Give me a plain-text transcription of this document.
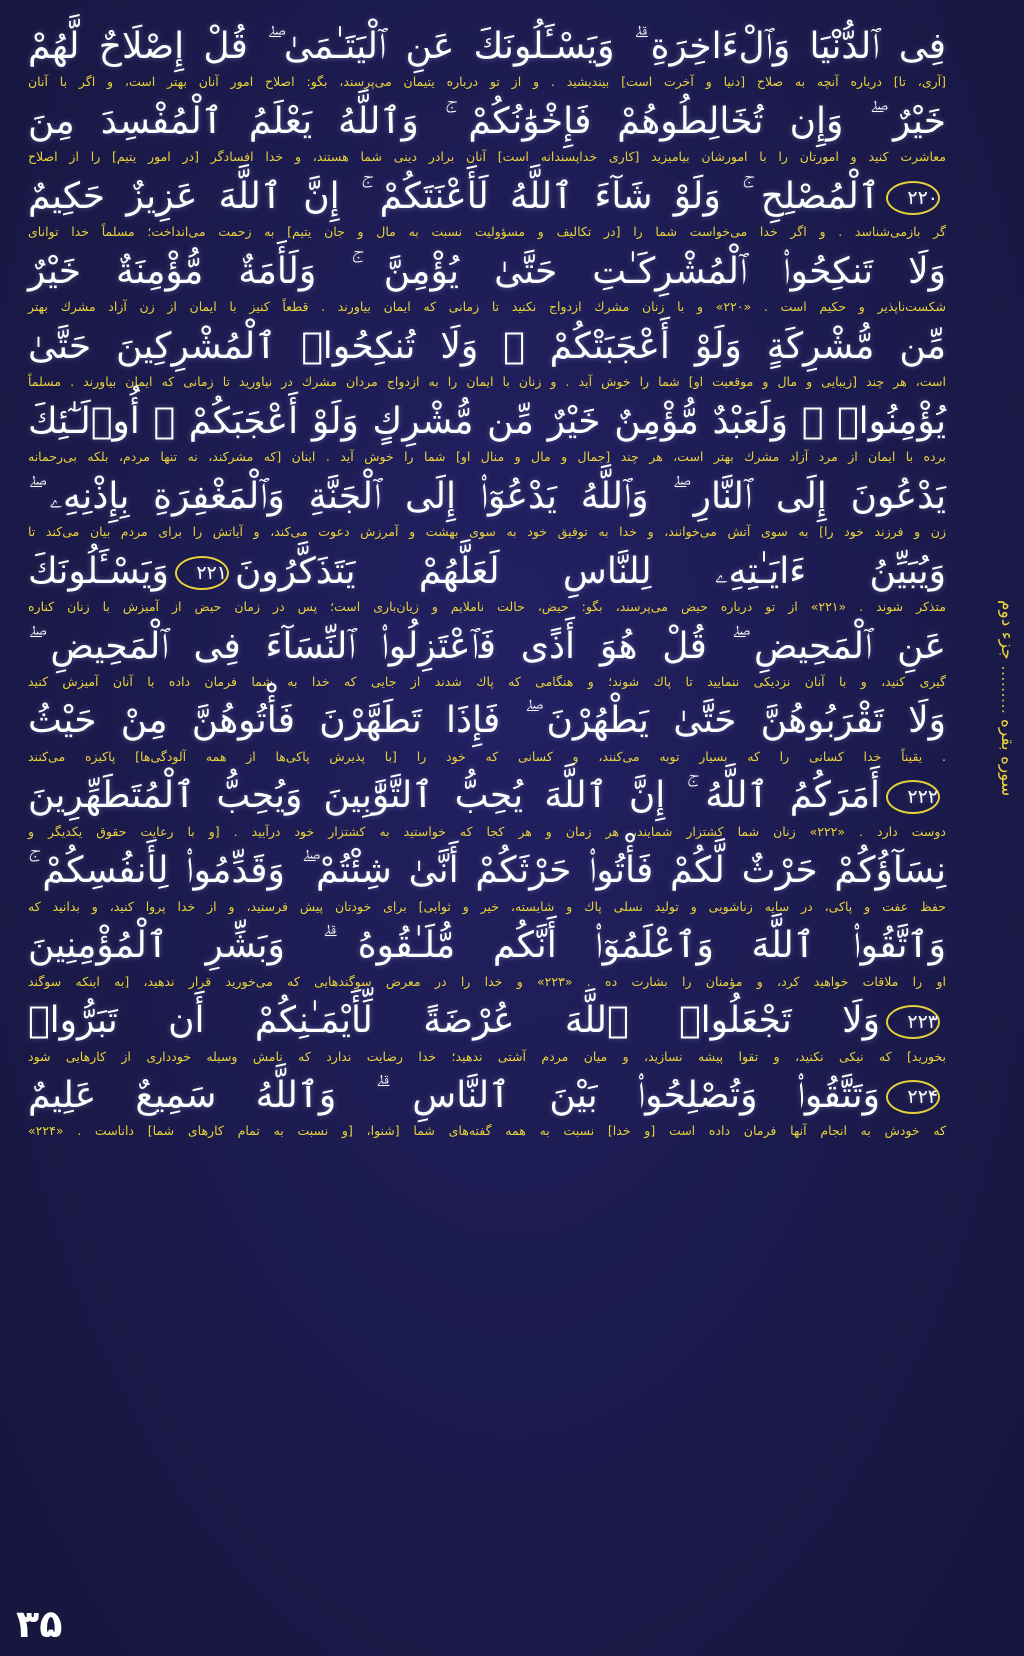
فِى ٱلدُّنْيَا وَٱلْءَاخِرَةِ ۗ وَيَسْـَٔلُونَكَ عَنِ ٱلْيَتَـٰمَىٰ ۖ قُلْ إِصْلَاحٌ لَّهُمْ
[آرى، تا] درباره آنچه به صلاح [دنيا و آخرت است] بينديشيد . و از تو درباره يتيمان مى‌پرسند، بگو: اصلاح امور آنان بهتر است، و اگر با آنان
خَيْرٌ ۖ وَإِن تُخَالِطُوهُمْ فَإِخْوَٰنُكُمْ ۚ وَٱللَّهُ يَعْلَمُ ٱلْمُفْسِدَ مِنَ
معاشرت كنيد و امورتان را با امورشان بياميزيد [كارى خداپسندانه است] آنان برادر دينى شما هستند، و خدا افسادگر [در امور يتيم] را از اصلاح
۲۲۰ٱلْمُصْلِحِ ۚ وَلَوْ شَآءَ ٱللَّهُ لَأَعْنَتَكُمْ ۚ إِنَّ ٱللَّهَ عَزِيزٌ حَكِيمٌ
گر بازمى‌شناسد . و اگر خدا مى‌خواست شما را [در تكاليف و مسؤوليت نسبت به مال و جان يتيم] به زحمت مى‌انداخت؛ مسلماً خدا توانا‌ى
وَلَا تَنكِحُوا۟ ٱلْمُشْرِكَـٰتِ حَتَّىٰ يُؤْمِنَّ ۚ وَلَأَمَةٌ مُّؤْمِنَةٌ خَيْرٌ
شكست‌ناپذير و حكيم است . «۲۲۰» و با زنان مشرك ازدواج نكنيد تا زمانى كه ايمان بياورند . قطعاً كنيز با ايمان از زن آزاد مشرك بهتر
مِّن مُّشْرِكَةٍ وَلَوْ أَعْجَبَتْكُمْ ۗ وَلَا تُنكِحُوا۟ ٱلْمُشْرِكِينَ حَتَّىٰ
است، هر چند [زيبايى و مال و موقعيت او] شما را خوش آيد . و زنان با ايمان را به ازدواج مردان مشرك در نياوريد تا زمانى كه ايمان بياورند . مسلماً
يُؤْمِنُوا۟ ۚ وَلَعَبْدٌ مُّؤْمِنٌ خَيْرٌ مِّن مُّشْرِكٍ وَلَوْ أَعْجَبَكُمْ ۗ أُو۟لَـٰٓئِكَ
برده با ايمان از مرد آزاد مشرك بهتر است، هر چند [جمال و مال و منال او] شما را خوش آيد . اينان [كه مشركند، نه تنها مردم، بلكه بى‌رحمانه
يَدْعُونَ إِلَى ٱلنَّارِ ۖ وَٱللَّهُ يَدْعُوٓا۟ إِلَى ٱلْجَنَّةِ وَٱلْمَغْفِرَةِ بِإِذْنِهِۦ ۖ
زن و فرزند خود را] به سوى آتش مى‌خوانند، و خدا به توفيق خود به سوى بهشت و آمرزش دعوت مى‌كند، و آياتش را براى مردم بيان مى‌كند تا
وَيُبَيِّنُ ءَايَـٰتِهِۦ لِلنَّاسِ لَعَلَّهُمْ يَتَذَكَّرُونَ۲۲۱وَيَسْـَٔلُونَكَ
متذكر شوند . «۲۲۱» از تو درباره حيض مى‌پرسند، بگو: حيض، حالت ناملايم و زيان‌بارى است؛ پس در زمان حيض از آميزش با زنان كناره
عَنِ ٱلْمَحِيضِ ۖ قُلْ هُوَ أَذًى فَٱعْتَزِلُوا۟ ٱلنِّسَآءَ فِى ٱلْمَحِيضِ ۖ
گيرى كنيد، و با آنان نزديكى ننماييد تا پاك شوند؛ و هنگامى كه پاك شدند از جايى كه خدا به شما فرمان داده با آنان آميزش كنيد
وَلَا تَقْرَبُوهُنَّ حَتَّىٰ يَطْهُرْنَ ۖ فَإِذَا تَطَهَّرْنَ فَأْتُوهُنَّ مِنْ حَيْثُ
. يقيناً خدا كسانى را كه بسيار توبه مى‌كنند، و كسانى كه خود را [با پذيرش پاكى‌ها از همه آلودگى‌ها] پاكيزه مى‌كنند
۲۲۲أَمَرَكُمُ ٱللَّهُ ۚ إِنَّ ٱللَّهَ يُحِبُّ ٱلتَّوَّٰبِينَ وَيُحِبُّ ٱلْمُتَطَهِّرِينَ
دوست دارد . «۲۲۲» زنان شما كشتزار شمايند، هر زمان و هر كجا كه خواستيد به كشتزار خود درآييد . [و با رعايت حقوق يكديگر و
نِسَآؤُكُمْ حَرْثٌ لَّكُمْ فَأْتُوا۟ حَرْثَكُمْ أَنَّىٰ شِئْتُمْ ۖ وَقَدِّمُوا۟ لِأَنفُسِكُمْ ۚ
حفظ عفت و پاكى، در سايه زناشويى و توليد نسلى پاك و شايسته، خير و ثوابى] براى خودتان پيش فرستيد، و از خدا پروا كنيد، و بدانيد كه
وَٱتَّقُوا۟ ٱللَّهَ وَٱعْلَمُوٓا۟ أَنَّكُم مُّلَـٰقُوهُ ۗ وَبَشِّرِ ٱلْمُؤْمِنِينَ
او را ملاقات خواهيد كرد، و مؤمنان را بشارت ده . «۲۲۳» و خدا را در معرض سوگندهايى كه مى‌خوريد قرار ندهيد، [به اينكه سوگند
۲۲۳وَلَا تَجْعَلُوا۟ ٱللَّهَ عُرْضَةً لِّأَيْمَـٰنِكُمْ أَن تَبَرُّوا۟
بخوريد] كه نيكى نكنيد، و تقوا پيشه نسازيد، و ميان مردم آشتى ندهيد؛ خدا رضايت ندارد كه نامش وسيله خوددارى از كارهايى شود
۲۲۴وَتَتَّقُوا۟ وَتُصْلِحُوا۟ بَيْنَ ٱلنَّاسِ ۗ وَٱللَّهُ سَمِيعٌ عَلِيمٌ
كه خودش به انجام آنها فرمان داده است [و خدا] نسبت به همه گفته‌هاى شما [شنوا، [و نسبت به تمام كارهاى شما] داناست . «۲۲۴»
سوره بقره ......... جزء دوم
۳۵
